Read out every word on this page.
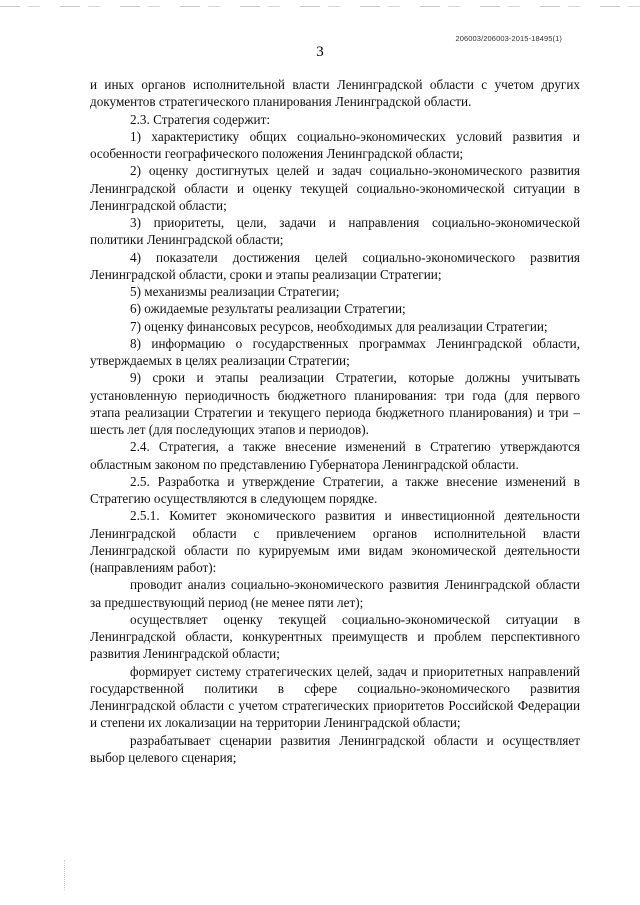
206003/206003-2015-18495(1)
3

и иных органов исполнительной власти Ленинградской области с учетом других документов стратегического планирования Ленинградской области.

2.3. Стратегия содержит:

1) характеристику общих социально-экономических условий развития и особенности географического положения Ленинградской области;

2) оценку достигнутых целей и задач социально-экономического развития Ленинградской области и оценку текущей социально-экономической ситуации в Ленинградской области;

3) приоритеты, цели, задачи и направления социально-экономической политики Ленинградской области;

4) показатели достижения целей социально-экономического развития Ленинградской области, сроки и этапы реализации Стратегии;

5) механизмы реализации Стратегии;

6) ожидаемые результаты реализации Стратегии;

7) оценку финансовых ресурсов, необходимых для реализации Стратегии;

8) информацию о государственных программах Ленинградской области, утверждаемых в целях реализации Стратегии;

9) сроки и этапы реализации Стратегии, которые должны учитывать установленную периодичность бюджетного планирования: три года (для первого этапа реализации Стратегии и текущего периода бюджетного планирования) и три – шесть лет (для последующих этапов и периодов).

2.4. Стратегия, а также внесение изменений в Стратегию утверждаются областным законом по представлению Губернатора Ленинградской области.

2.5. Разработка и утверждение Стратегии, а также внесение изменений в Стратегию осуществляются в следующем порядке.

2.5.1. Комитет экономического развития и инвестиционной деятельности Ленинградской области с привлечением органов исполнительной власти Ленинградской области по курируемым ими видам экономической деятельности (направлениям работ):

проводит анализ социально-экономического развития Ленинградской области за предшествующий период (не менее пяти лет);

осуществляет оценку текущей социально-экономической ситуации в Ленинградской области, конкурентных преимуществ и проблем перспективного развития Ленинградской области;

формирует систему стратегических целей, задач и приоритетных направлений государственной политики в сфере социально-экономического развития Ленинградской области с учетом стратегических приоритетов Российской Федерации и степени их локализации на территории Ленинградской области;

разрабатывает сценарии развития Ленинградской области и осуществляет выбор целевого сценария;
